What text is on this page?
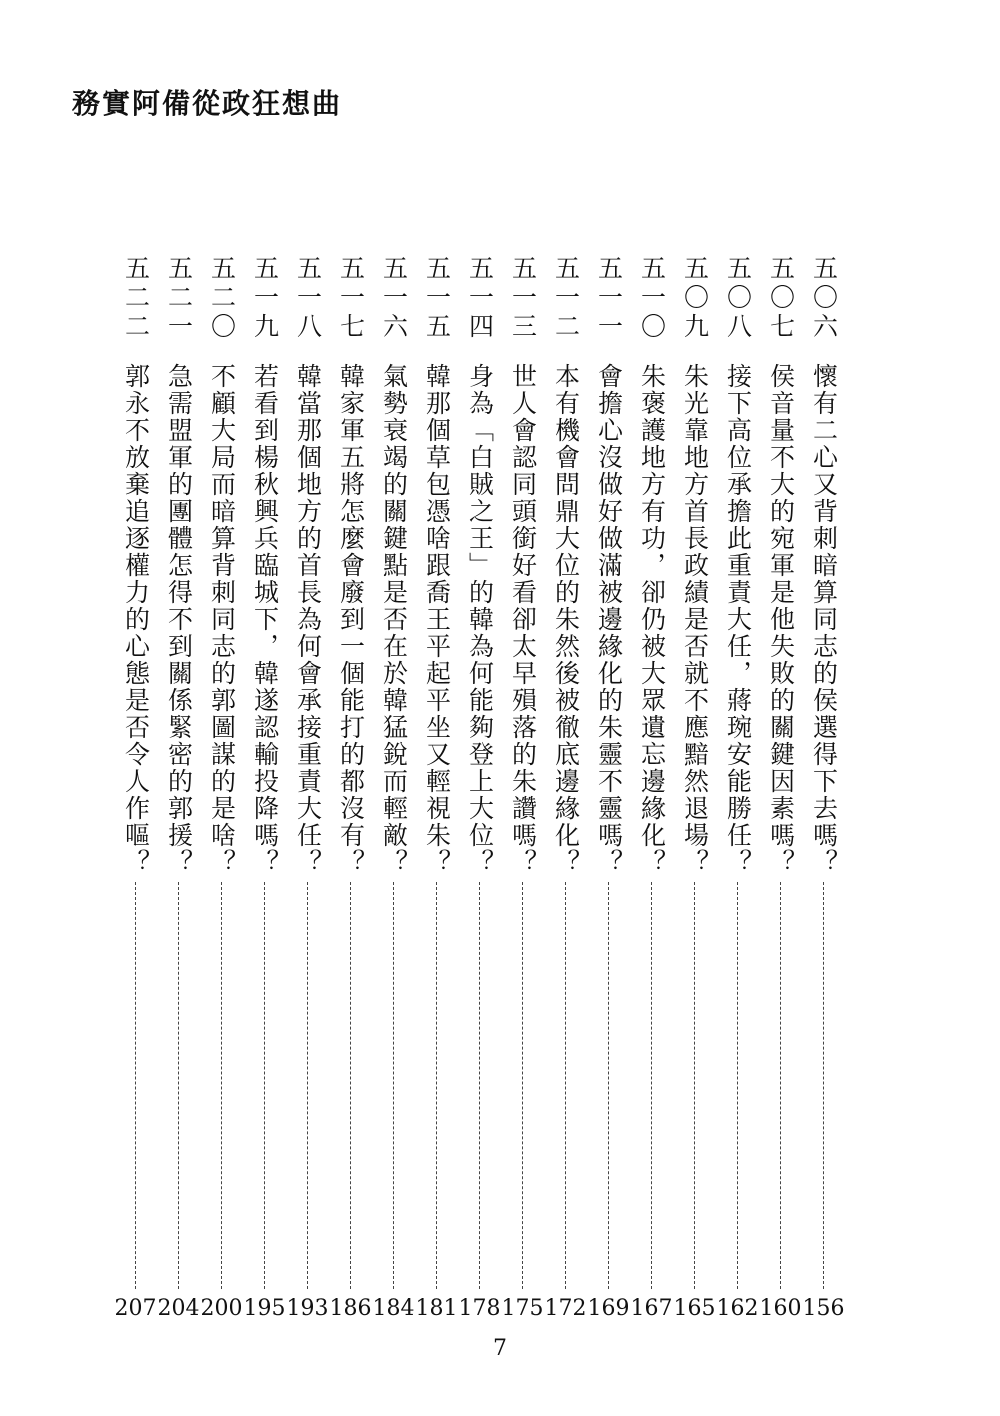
務實阿備從政狂想曲
五〇六
懷有二心又背刺暗算同志的侯選得下去嗎？
156
五〇七
侯音量不大的宛軍是他失敗的關鍵因素嗎？
160
五〇八
接下高位承擔此重責大任，蔣琬安能勝任？
162
五〇九
朱光靠地方首長政績是否就不應黯然退場？
165
五一〇
朱褒護地方有功，卻仍被大眾遺忘邊緣化？
167
五一一
會擔心沒做好做滿被邊緣化的朱靈不靈嗎？
169
五一二
本有機會問鼎大位的朱然後被徹底邊緣化？
172
五一三
世人會認同頭銜好看卻太早殞落的朱讚嗎？
175
五一四
身為「白賊之王」的韓為何能夠登上大位？
178
五一五
韓那個草包憑啥跟喬王平起平坐又輕視朱？
181
五一六
氣勢衰竭的關鍵點是否在於韓猛銳而輕敵？
184
五一七
韓家軍五將怎麼會廢到一個能打的都沒有？
186
五一八
韓當那個地方的首長為何會承接重責大任？
193
五一九
若看到楊秋興兵臨城下，韓遂認輸投降嗎？
195
五二〇
不顧大局而暗算背刺同志的郭圖謀的是啥？
200
五二一
急需盟軍的團體怎得不到關係緊密的郭援？
204
五二二
郭永不放棄追逐權力的心態是否令人作嘔？
207
7
